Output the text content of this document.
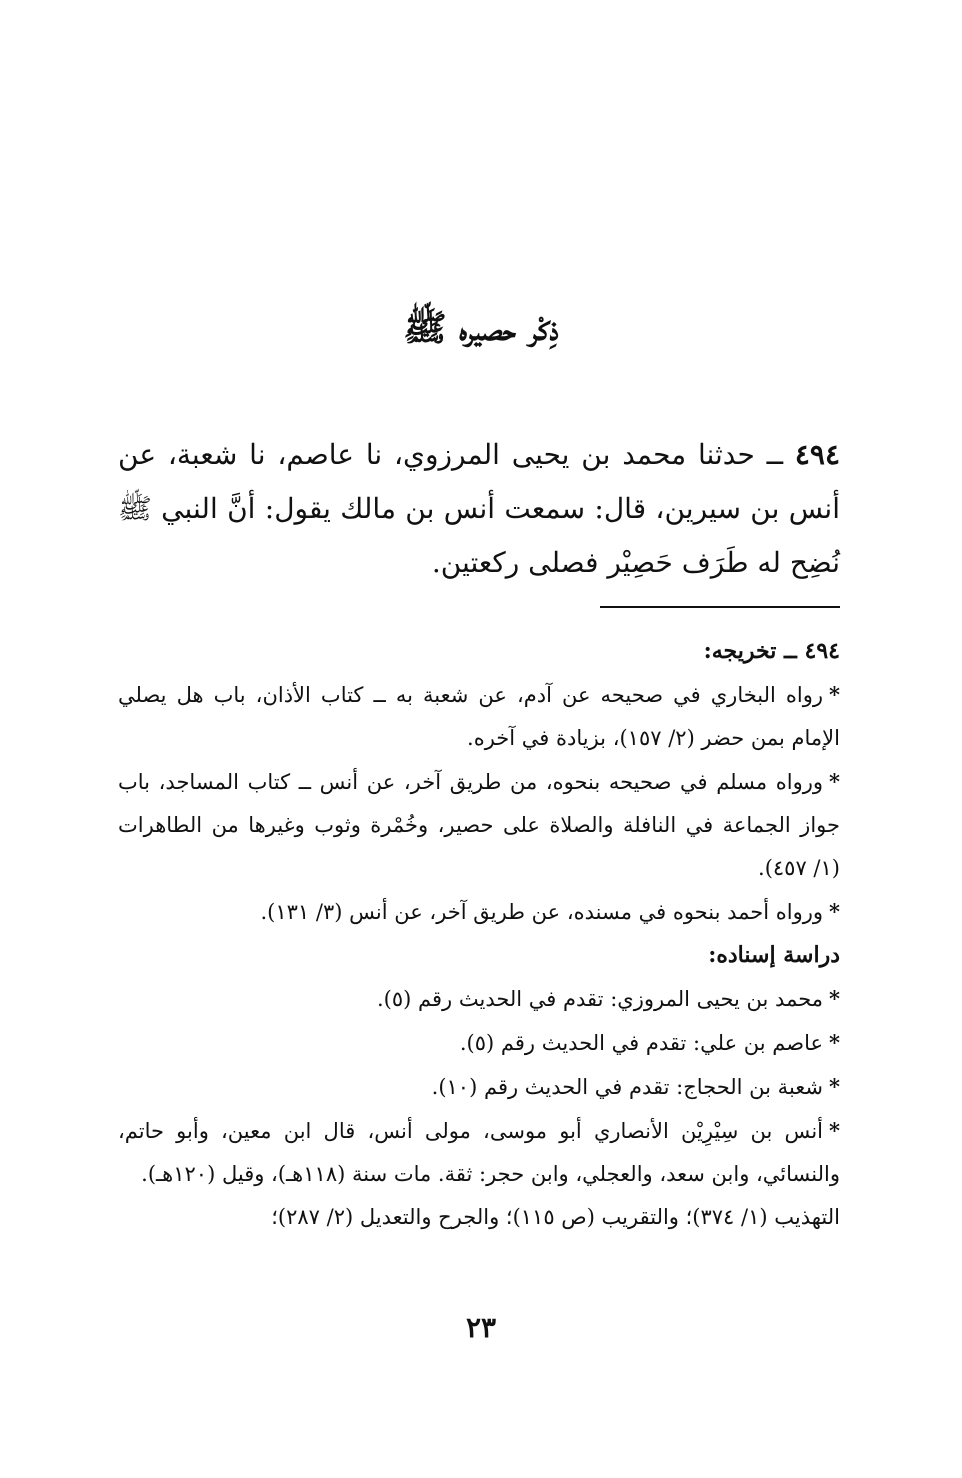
ذِكْر حصيره ﷺ
٤٩٤ ــ حدثنا محمد بن يحيى المرزوي، نا عاصم، نا شعبة، عن أنس بن سيرين، قال: سمعت أنس بن مالك يقول: أنَّ النبي ﷺ نُضِح له طَرَف حَصِيْر فصلى ركعتين.

٤٩٤ ــ تخريجه:

*رواه البخاري في صحيحه عن آدم، عن شعبة به ــ كتاب الأذان، باب هل يصلي الإمام بمن حضر (٢/ ١٥٧)، بزيادة في آخره.

*ورواه مسلم في صحيحه بنحوه، من طريق آخر، عن أنس ــ كتاب المساجد، باب جواز الجماعة في النافلة والصلاة على حصير، وخُمْرة وثوب وغيرها من الطاهرات (١/ ٤٥٧).

*ورواه أحمد بنحوه في مسنده، عن طريق آخر، عن أنس (٣/ ١٣١).

دراسة إسناده:

*محمد بن يحيى المروزي: تقدم في الحديث رقم (٥).

*عاصم بن علي: تقدم في الحديث رقم (٥).

*شعبة بن الحجاج: تقدم في الحديث رقم (١٠).

*أنس بن سِيْرِيْن الأنصاري أبو موسى، مولى أنس، قال ابن معين، وأبو حاتم، والنسائي، وابن سعد، والعجلي، وابن حجر: ثقة. مات سنة (١١٨هـ)، وقيل (١٢٠هـ).

التهذيب (١/ ٣٧٤)؛ والتقريب (ص ١١٥)؛ والجرح والتعديل (٢/ ٢٨٧)؛

٢٣
